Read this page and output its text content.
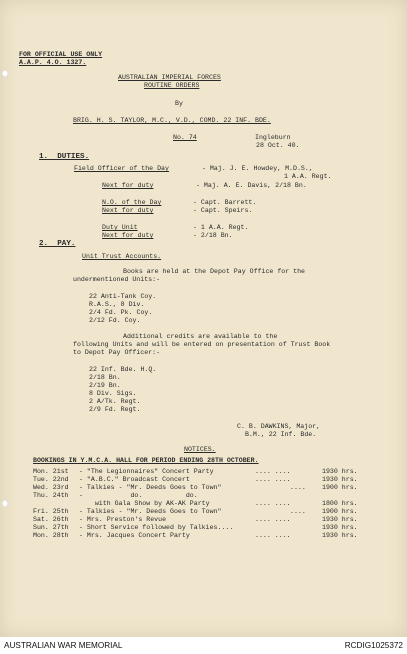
FOR OFFICIAL USE ONLY
A.A.P. 4.O. 1327.
AUSTRALIAN IMPERIAL FORCES
ROUTINE ORDERS
By
BRIG. H. S. TAYLOR, M.C., V.D., COMD. 22 INF. BDE.
No. 74	Ingleburn
28 Oct. 40.
1.  DUTIES.
Field Officer of the Day	- Maj. J. E. Howdey, M.D.S.,
1 A.A. Regt.
Next for duty	- Maj. A. E. Davis, 2/18 Bn.
N.O. of the Day	- Capt. Barrett.
Next for duty	- Capt. Speirs.
Duty Unit	- 1 A.A. Regt.
Next for duty	- 2/18 Bn.
2.  PAY.
Unit Trust Accounts.
Books are held at the Depot Pay Office for the
undermentioned Units:-
22 Anti-Tank Coy.
R.A.S., 8 Div.
2/4 Fd. Pk. Coy.
2/12 Fd. Coy.
Additional credits are available to the
following Units and will be entered on presentation of Trust Book
to Depot Pay Officer:-
22 Inf. Bde. H.Q.
2/18 Bn.
2/19 Bn.
8 Div. Sigs.
2 A/Tk. Regt.
2/9 Fd. Regt.
C. B. DAWKINS, Major,
B.M., 22 Inf. Bde.
NOTICES.
BOOKINGS IN Y.M.C.A. HALL FOR PERIOD ENDING 28TH OCTOBER.
Mon. 21st - "The Legionnaires" Concert Party	.... ....	1930 hrs.
Tue. 22nd - "A.B.C." Broadcast Concert	.... ....	1930 hrs.
Wed. 23rd - Talkies - "Mr. Deeds Goes to Town"	.... 1900 hrs.
Thu. 24th -            do.           do.
with Gala Show by AK-AK Party	.... ....	1800 hrs.
Fri. 25th - Talkies - "Mr. Deeds Goes to Town"	.... 1900 hrs.
Sat. 26th - Mrs. Preston's Revue	.... ....	1930 hrs.
Sun. 27th - Short Service followed by Talkies....	1930 hrs.
Mon. 28th - Mrs. Jacques Concert Party	.... ....	1930 hrs.
AUSTRALIAN WAR MEMORIAL	RCDIG1025372
